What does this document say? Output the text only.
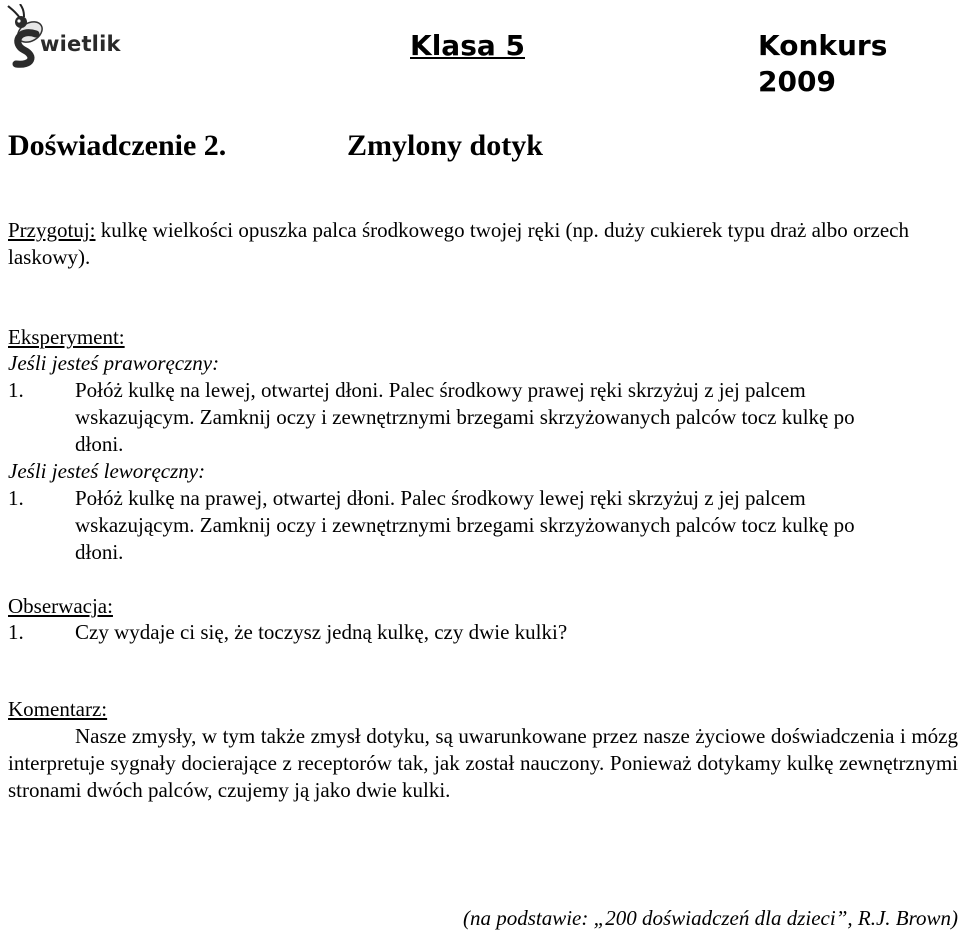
wietlik	Klasa 5	Konkurs 2009
Doświadczenie 2.	Zmylony dotyk
Przygotuj: kulkę wielkości opuszka palca środkowego twojej ręki (np. duży cukierek typu draż albo orzech laskowy).
Eksperyment:
Jeśli jesteś praworęczny:
1.	Połóż kulkę na lewej, otwartej dłoni. Palec środkowy prawej ręki skrzyżuj z jej palcem wskazującym. Zamknij oczy i zewnętrznymi brzegami skrzyżowanych palców tocz kulkę po dłoni.
Jeśli jesteś leworęczny:
1.	Połóż kulkę na prawej, otwartej dłoni. Palec środkowy lewej ręki skrzyżuj z jej palcem wskazującym. Zamknij oczy i zewnętrznymi brzegami skrzyżowanych palców tocz kulkę po dłoni.
Obserwacja:
1.	Czy wydaje ci się, że toczysz jedną kulkę, czy dwie kulki?
Komentarz:
Nasze zmysły, w tym także zmysł dotyku, są uwarunkowane przez nasze życiowe doświadczenia i mózg interpretuje sygnały docierające z receptorów tak, jak został nauczony. Ponieważ dotykamy kulkę zewnętrznymi stronami dwóch palców, czujemy ją jako dwie kulki.
(na podstawie: „200 doświadczeń dla dzieci”, R.J. Brown)
